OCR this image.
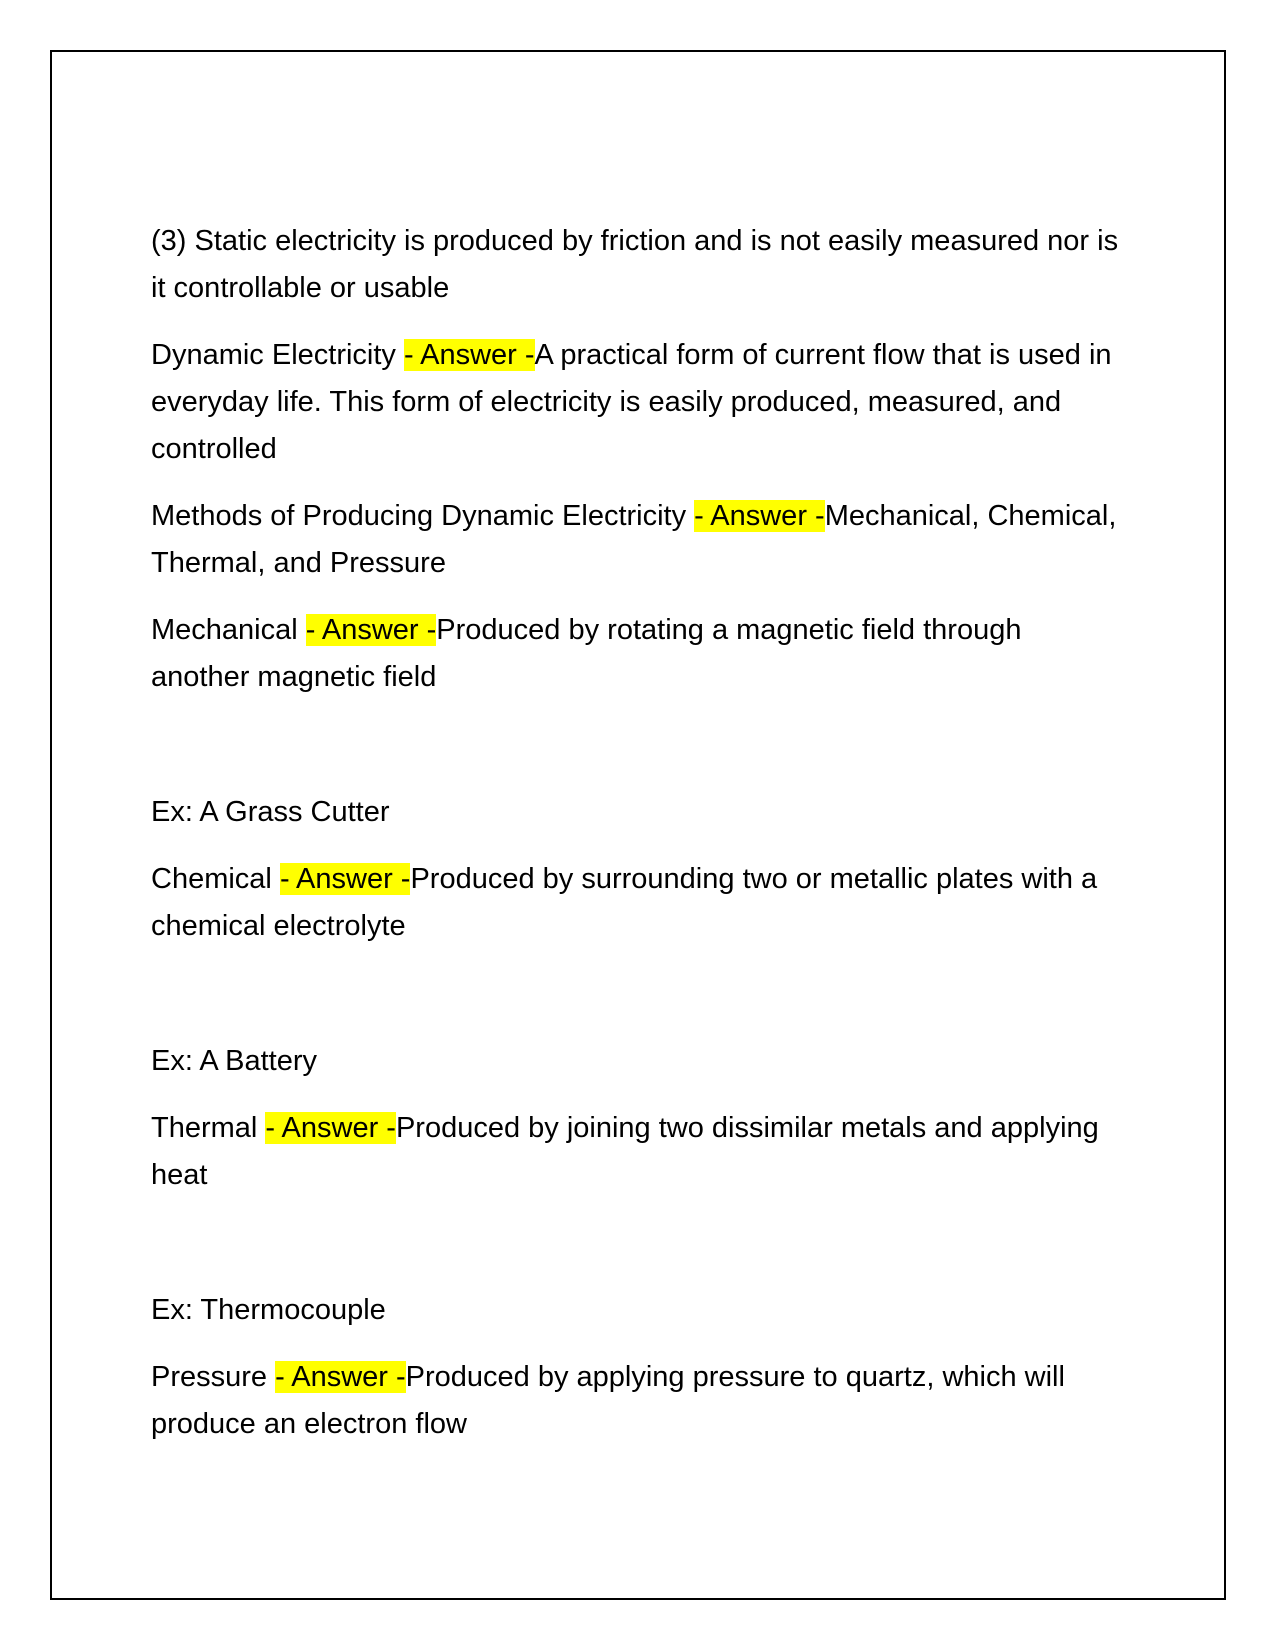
(3) Static electricity is produced by friction and is not easily measured nor is it controllable or usable

Dynamic Electricity - Answer -A practical form of current flow that is used in everyday life. This form of electricity is easily produced, measured, and controlled

Methods of Producing Dynamic Electricity - Answer -Mechanical, Chemical, Thermal, and Pressure

Mechanical - Answer -Produced by rotating a magnetic field through another magnetic field

Ex: A Grass Cutter

Chemical - Answer -Produced by surrounding two or metallic plates with a chemical electrolyte

Ex: A Battery

Thermal - Answer -Produced by joining two dissimilar metals and applying heat

Ex: Thermocouple

Pressure - Answer -Produced by applying pressure to quartz, which will produce an electron flow
